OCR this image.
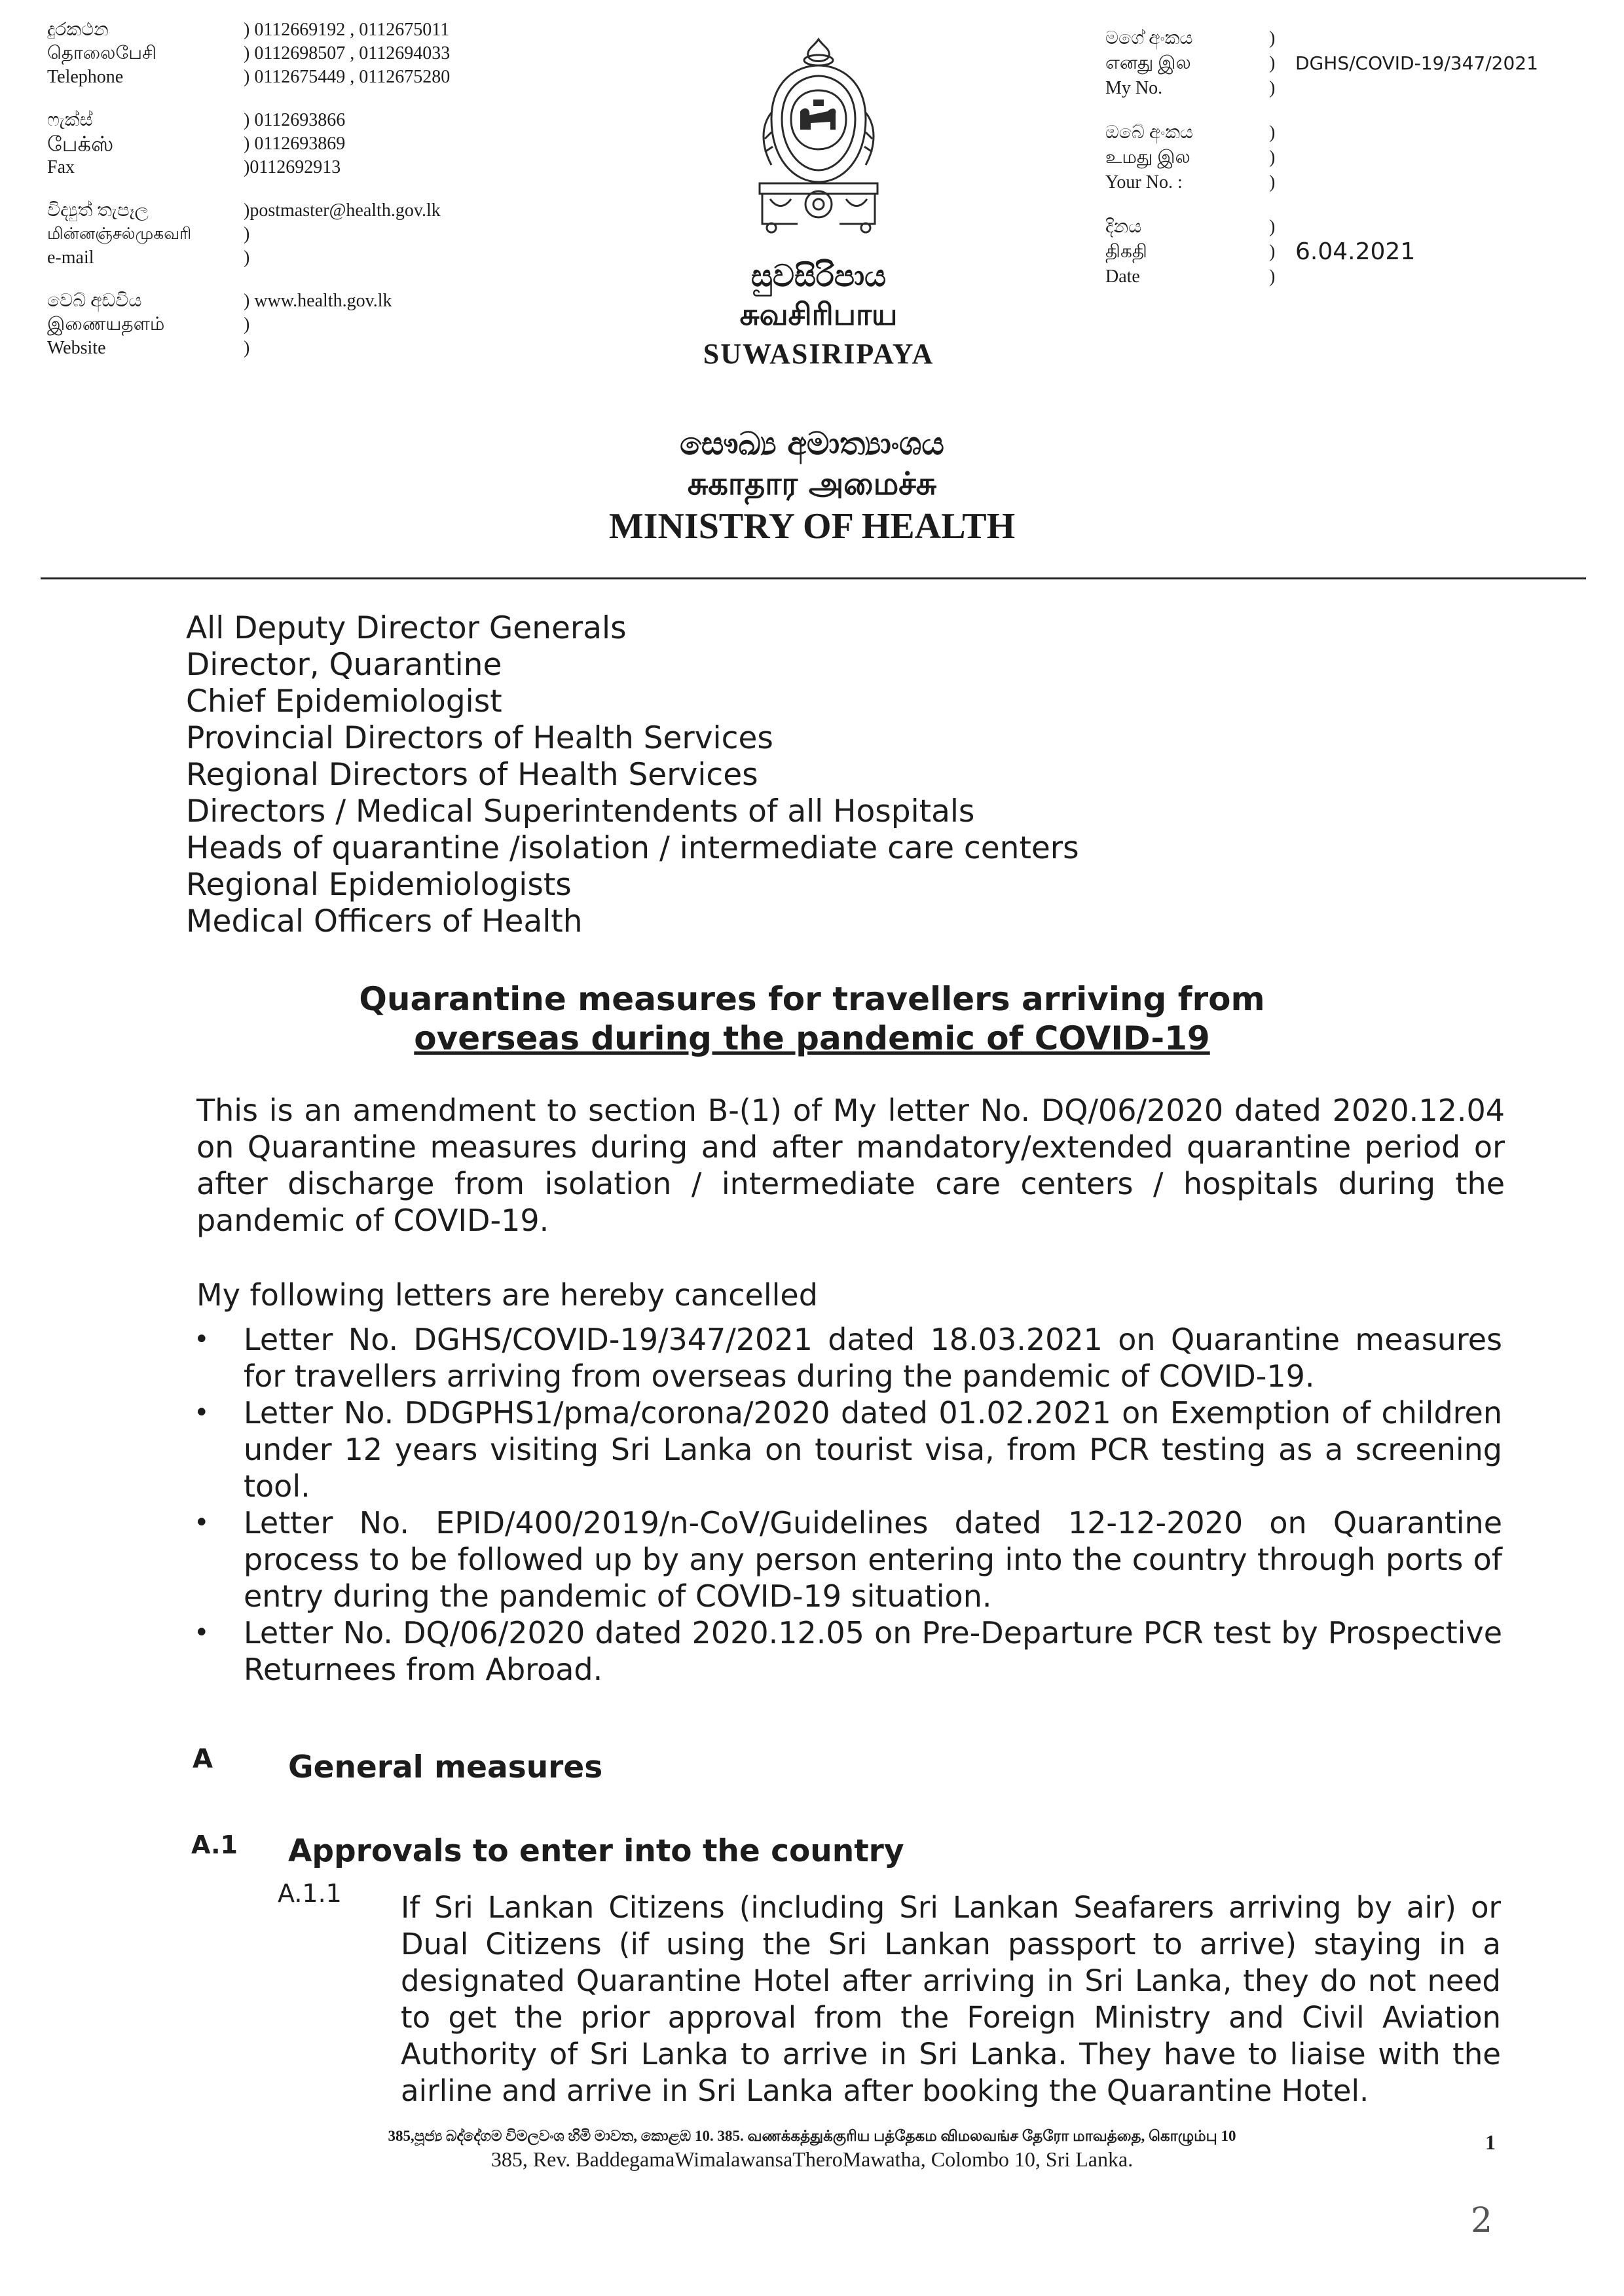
දුරකථන	) 0112669192 , 0112675011
தொலைபேசி	) 0112698507 , 0112694033
Telephone	) 0112675449 , 0112675280
ෆැක්ස්	) 0112693866
பேக்ஸ்	) 0112693869
Fax	)0112692913
විද්‍යුත් තැපෑල	)postmaster@health.gov.lk
மின்னஞ்சல்முகவரி	)
e-mail	)
වෙබ් අඩවිය	) www.health.gov.lk
இணையதளம்	)
Website	)
මගේ අංකය	)
எனது இல	)	DGHS/COVID-19/347/2021
My No.	)
ඔබේ අංකය	)
உமது இல	)
Your No. :	)
දිනය	)
திகதி	) 6.04.2021
Date	)
සුවසිරිපාය
சுவசிரிபாய
SUWASIRIPAYA
සෞඛ්‍ය අමාත්‍යාංශය
சுகாதார அமைச்சு
MINISTRY OF HEALTH
All Deputy Director Generals
Director, Quarantine
Chief Epidemiologist
Provincial Directors of Health Services
Regional Directors of Health Services
Directors / Medical Superintendents of all Hospitals
Heads of quarantine /isolation / intermediate care centers
Regional Epidemiologists
Medical Officers of Health
Quarantine measures for travellers arriving from
overseas during the pandemic of COVID-19
This is an amendment to section B-(1) of My letter No. DQ/06/2020 dated 2020.12.04 on Quarantine measures during and after mandatory/extended quarantine period or after discharge from isolation / intermediate care centers / hospitals during the pandemic of COVID-19.
My following letters are hereby cancelled
•	Letter No. DGHS/COVID-19/347/2021 dated 18.03.2021 on Quarantine measures for travellers arriving from overseas during the pandemic of COVID-19.
•	Letter No. DDGPHS1/pma/corona/2020 dated 01.02.2021 on Exemption of children under 12 years visiting Sri Lanka on tourist visa, from PCR testing as a screening tool.
•	Letter No. EPID/400/2019/n-CoV/Guidelines dated 12-12-2020 on Quarantine process to be followed up by any person entering into the country through ports of entry during the pandemic of COVID-19 situation.
•	Letter No. DQ/06/2020 dated 2020.12.05 on Pre-Departure PCR test by Prospective Returnees from Abroad.
A General measures
A.1 Approvals to enter into the country
A.1.1 If Sri Lankan Citizens (including Sri Lankan Seafarers arriving by air) or Dual Citizens (if using the Sri Lankan passport to arrive) staying in a designated Quarantine Hotel after arriving in Sri Lanka, they do not need to get the prior approval from the Foreign Ministry and Civil Aviation Authority of Sri Lanka to arrive in Sri Lanka. They have to liaise with the airline and arrive in Sri Lanka after booking the Quarantine Hotel.
385,පූජ්‍ය බද්දේගම විමලවංශ හිමි මාවත, කොළඹ 10. 385. வணக்கத்துக்குரிய பத்தேகம விமலவங்ச தேரோ மாவத்தை, கொழும்பு 10
385, Rev. BaddegamaWimalawansaTheroMawatha, Colombo 10, Sri Lanka.
1
2
